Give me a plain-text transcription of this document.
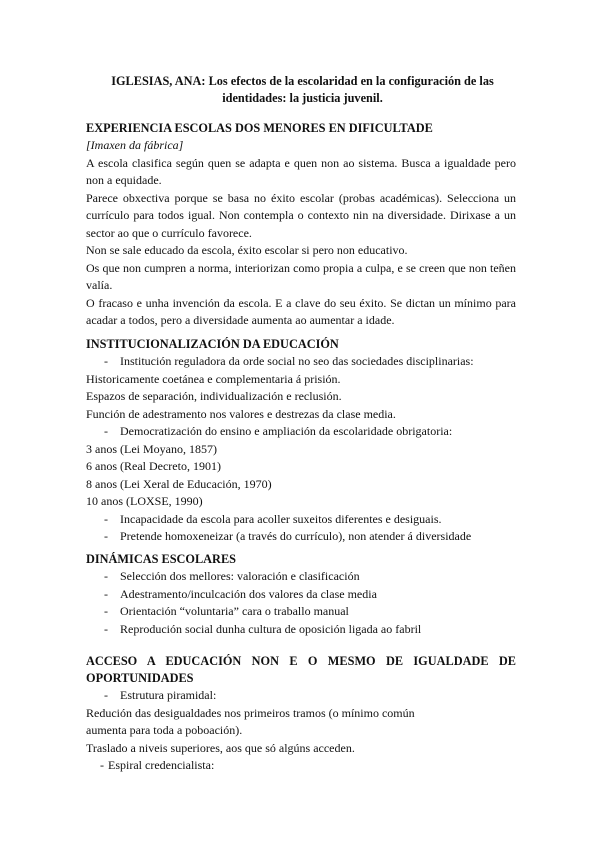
IGLESIAS, ANA: Los efectos de la escolaridad en la configuración de las
identidades: la justicia juvenil.
EXPERIENCIA ESCOLAS DOS MENORES EN DIFICULTADE

[Imaxen da fábrica]

A escola clasifica según quen se adapta e quen non ao sistema. Busca a igualdade pero non a equidade.

Parece obxectiva porque se basa no éxito escolar (probas académicas). Selecciona un currículo para todos igual. Non contempla o contexto nin na diversidade. Dirixase a un sector ao que o currículo favorece.

Non se sale educado da escola, éxito escolar si pero non educativo.

Os que non cumpren a norma, interiorizan como propia a culpa, e se creen que non teñen valía.

O fracaso e unha invención da escola. E a clave do seu éxito. Se dictan un mínimo para acadar a todos, pero a diversidade aumenta ao aumentar a idade.

INSTITUCIONALIZACIÓN DA EDUCACIÓN
- Institución reguladora da orde social no seo das sociedades disciplinarias:

Historicamente coetánea e complementaria á prisión.

Espazos de separación, individualización e reclusión.

Función de adestramento nos valores e destrezas da clase media.

- Democratización do ensino e ampliación da escolaridade obrigatoria:

3 anos (Lei Moyano, 1857)

6 anos (Real Decreto, 1901)

8 anos (Lei Xeral de Educación, 1970)

10 anos (LOXSE, 1990)

- Incapacidade da escola para acoller suxeitos diferentes e desiguais.
- Pretende homoxeneizar (a través do currículo), non atender á diversidade
DINÁMICAS ESCOLARES
- Selección dos mellores: valoración e clasificación
- Adestramento/inculcación dos valores da clase media
- Orientación “voluntaria” cara o traballo manual
- Reprodución social dunha cultura de oposición ligada ao fabril
ACCESO A EDUCACIÓN NON E O MESMO DE IGUALDADE DE
OPORTUNIDADES
- Estrutura piramidal:

Redución das desigualdades nos primeiros tramos (o mínimo común

aumenta para toda a poboación).

Traslado a niveis superiores, aos que só algúns acceden.

- Espiral credencialista:
